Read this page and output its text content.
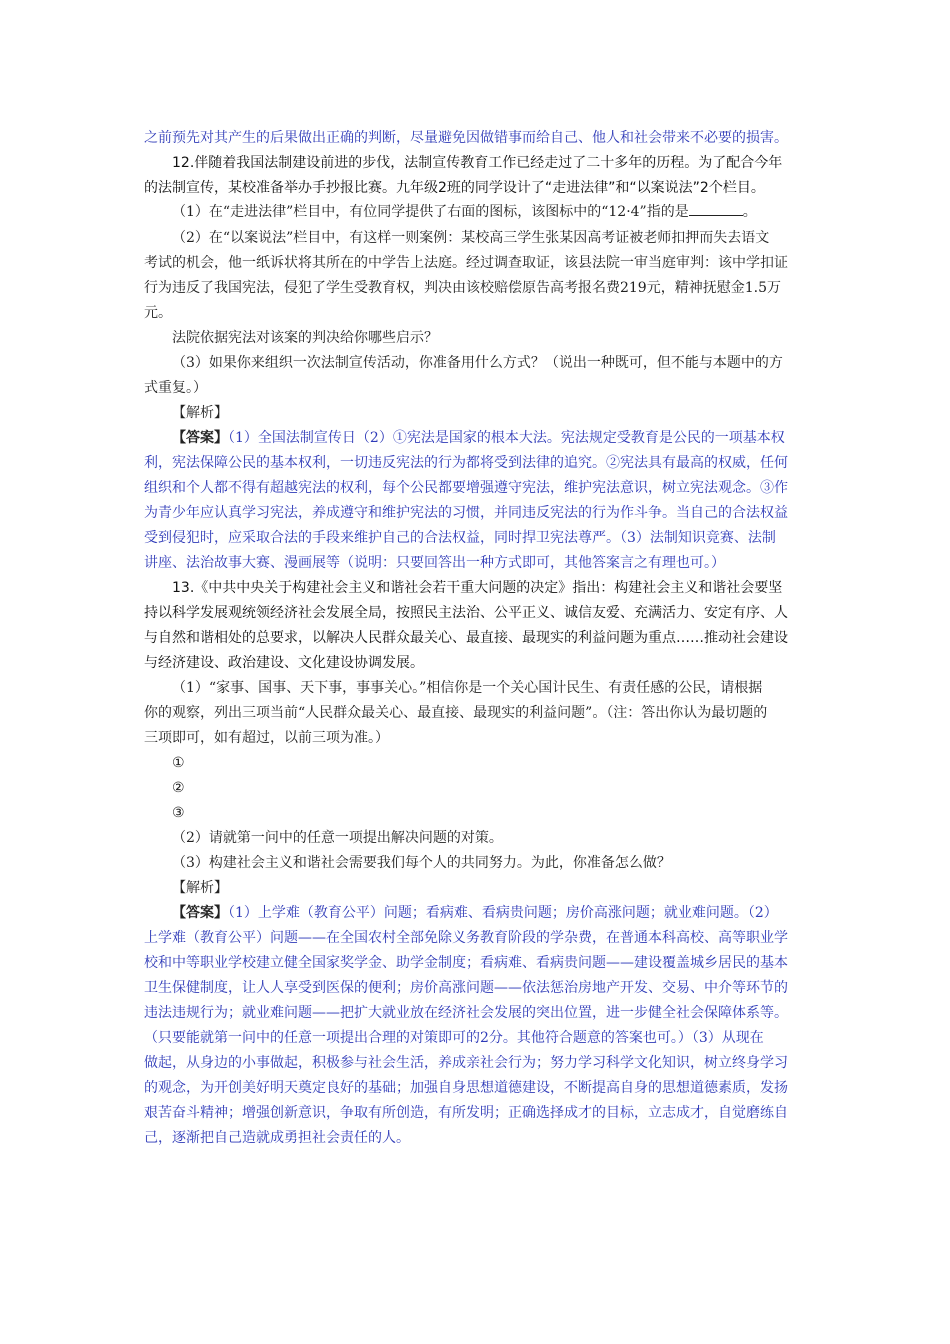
之前预先对其产生的后果做出正确的判断，尽量避免因做错事而给自己、他人和社会带来不必要的损害。
12.伴随着我国法制建设前进的步伐，法制宣传教育工作已经走过了二十多年的历程。为了配合今年
的法制宣传，某校准备举办手抄报比赛。九年级2班的同学设计了“走进法律”和“以案说法”2个栏目。
（1）在“走进法律”栏目中，有位同学提供了右面的图标，该图标中的“12·4”指的是	。
（2）在“以案说法”栏目中，有这样一则案例：某校高三学生张某因高考证被老师扣押而失去语文
考试的机会，他一纸诉状将其所在的中学告上法庭。经过调查取证，该县法院一审当庭审判：该中学扣证
行为违反了我国宪法，侵犯了学生受教育权，判决由该校赔偿原告高考报名费219元，精神抚慰金1.5万
元。
法院依据宪法对该案的判决给你哪些启示？
（3）如果你来组织一次法制宣传活动，你准备用什么方式？（说出一种既可，但不能与本题中的方
式重复。）
【解析】
【答案】（1）全国法制宣传日（2）①宪法是国家的根本大法。宪法规定受教育是公民的一项基本权
利，宪法保障公民的基本权利，一切违反宪法的行为都将受到法律的追究。②宪法具有最高的权威，任何
组织和个人都不得有超越宪法的权利，每个公民都要增强遵守宪法，维护宪法意识，树立宪法观念。③作
为青少年应认真学习宪法，养成遵守和维护宪法的习惯，并同违反宪法的行为作斗争。当自己的合法权益
受到侵犯时，应采取合法的手段来维护自己的合法权益，同时捍卫宪法尊严。（3）法制知识竞赛、法制
讲座、法治故事大赛、漫画展等（说明：只要回答出一种方式即可，其他答案言之有理也可。）
13.《中共中央关于构建社会主义和谐社会若干重大问题的决定》指出：构建社会主义和谐社会要坚
持以科学发展观统领经济社会发展全局，按照民主法治、公平正义、诚信友爱、充满活力、安定有序、人
与自然和谐相处的总要求，以解决人民群众最关心、最直接、最现实的利益问题为重点……推动社会建设
与经济建设、政治建设、文化建设协调发展。
（1）“家事、国事、天下事，事事关心。”相信你是一个关心国计民生、有责任感的公民，请根据
你的观察，列出三项当前“人民群众最关心、最直接、最现实的利益问题”。（注：答出你认为最切题的
三项即可，如有超过，以前三项为准。）
①
②
③
（2）请就第一问中的任意一项提出解决问题的对策。
（3）构建社会主义和谐社会需要我们每个人的共同努力。为此，你准备怎么做？
【解析】
【答案】（1）上学难（教育公平）问题；看病难、看病贵问题；房价高涨问题；就业难问题。（2）
上学难（教育公平）问题——在全国农村全部免除义务教育阶段的学杂费，在普通本科高校、高等职业学
校和中等职业学校建立健全国家奖学金、助学金制度；看病难、看病贵问题——建设覆盖城乡居民的基本
卫生保健制度，让人人享受到医保的便利；房价高涨问题——依法惩治房地产开发、交易、中介等环节的
违法违规行为；就业难问题——把扩大就业放在经济社会发展的突出位置，进一步健全社会保障体系等。
（只要能就第一问中的任意一项提出合理的对策即可的2分。其他符合题意的答案也可。）（3）从现在
做起，从身边的小事做起，积极参与社会生活，养成亲社会行为；努力学习科学文化知识，树立终身学习
的观念，为开创美好明天奠定良好的基础；加强自身思想道德建设，不断提高自身的思想道德素质，发扬
艰苦奋斗精神；增强创新意识，争取有所创造，有所发明；正确选择成才的目标，立志成才，自觉磨练自
己，逐渐把自己造就成勇担社会责任的人。
